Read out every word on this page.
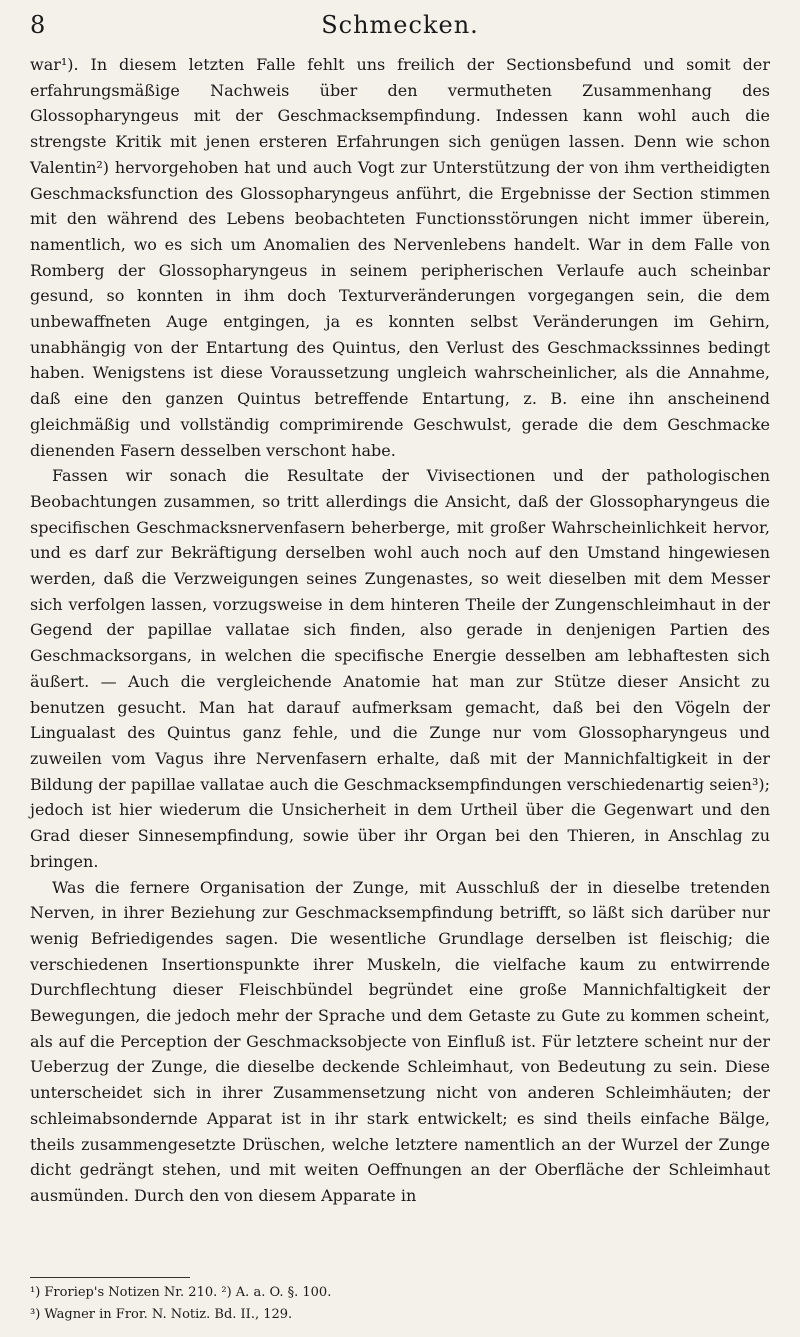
8	Schmecken.

war¹). In diesem letzten Falle fehlt uns freilich der Sectionsbefund und somit der erfahrungsmäßige Nachweis über den vermutheten Zusammenhang des Glossopharyngeus mit der Geschmacksempfindung. Indessen kann wohl auch die strengste Kritik mit jenen ersteren Erfahrungen sich genügen lassen. Denn wie schon Valentin²) hervorgehoben hat und auch Vogt zur Unterstützung der von ihm vertheidigten Geschmacksfunction des Glossopharyngeus anführt, die Ergebnisse der Section stimmen mit den während des Lebens beobachteten Functionsstörungen nicht immer überein, namentlich, wo es sich um Anomalien des Nervenlebens handelt. War in dem Falle von Romberg der Glossopharyngeus in seinem peripherischen Verlaufe auch scheinbar gesund, so konnten in ihm doch Texturveränderungen vorgegangen sein, die dem unbewaffneten Auge entgingen, ja es konnten selbst Veränderungen im Gehirn, unabhängig von der Entartung des Quintus, den Verlust des Geschmackssinnes bedingt haben. Wenigstens ist diese Voraussetzung ungleich wahrscheinlicher, als die Annahme, daß eine den ganzen Quintus betreffende Entartung, z. B. eine ihn anscheinend gleichmäßig und vollständig comprimirende Geschwulst, gerade die dem Geschmacke dienenden Fasern desselben verschont habe.

Fassen wir sonach die Resultate der Vivisectionen und der pathologischen Beobachtungen zusammen, so tritt allerdings die Ansicht, daß der Glossopharyngeus die specifischen Geschmacksnervenfasern beherberge, mit großer Wahrscheinlichkeit hervor, und es darf zur Bekräftigung derselben wohl auch noch auf den Umstand hingewiesen werden, daß die Verzweigungen seines Zungenastes, so weit dieselben mit dem Messer sich verfolgen lassen, vorzugsweise in dem hinteren Theile der Zungenschleimhaut in der Gegend der papillae vallatae sich finden, also gerade in denjenigen Partien des Geschmacksorgans, in welchen die specifische Energie desselben am lebhaftesten sich äußert. — Auch die vergleichende Anatomie hat man zur Stütze dieser Ansicht zu benutzen gesucht. Man hat darauf aufmerksam gemacht, daß bei den Vögeln der Lingualast des Quintus ganz fehle, und die Zunge nur vom Glossopharyngeus und zuweilen vom Vagus ihre Nervenfasern erhalte, daß mit der Mannichfaltigkeit in der Bildung der papillae vallatae auch die Geschmacksempfindungen verschiedenartig seien³); jedoch ist hier wiederum die Unsicherheit in dem Urtheil über die Gegenwart und den Grad dieser Sinnesempfindung, sowie über ihr Organ bei den Thieren, in Anschlag zu bringen.

Was die fernere Organisation der Zunge, mit Ausschluß der in dieselbe tretenden Nerven, in ihrer Beziehung zur Geschmacksempfindung betrifft, so läßt sich darüber nur wenig Befriedigendes sagen. Die wesentliche Grundlage derselben ist fleischig; die verschiedenen Insertionspunkte ihrer Muskeln, die vielfache kaum zu entwirrende Durchflechtung dieser Fleischbündel begründet eine große Mannichfaltigkeit der Bewegungen, die jedoch mehr der Sprache und dem Getaste zu Gute zu kommen scheint, als auf die Perception der Geschmacksobjecte von Einfluß ist. Für letztere scheint nur der Ueberzug der Zunge, die dieselbe deckende Schleimhaut, von Bedeutung zu sein. Diese unterscheidet sich in ihrer Zusammensetzung nicht von anderen Schleimhäuten; der schleimabsondernde Apparat ist in ihr stark entwickelt; es sind theils einfache Bälge, theils zusammengesetzte Drüschen, welche letztere namentlich an der Wurzel der Zunge dicht gedrängt stehen, und mit weiten Oeffnungen an der Oberfläche der Schleimhaut ausmünden. Durch den von diesem Apparate in

¹) Froriep's Notizen Nr. 210. ²) A. a. O. §. 100.
³) Wagner in Fror. N. Notiz. Bd. II., 129.
